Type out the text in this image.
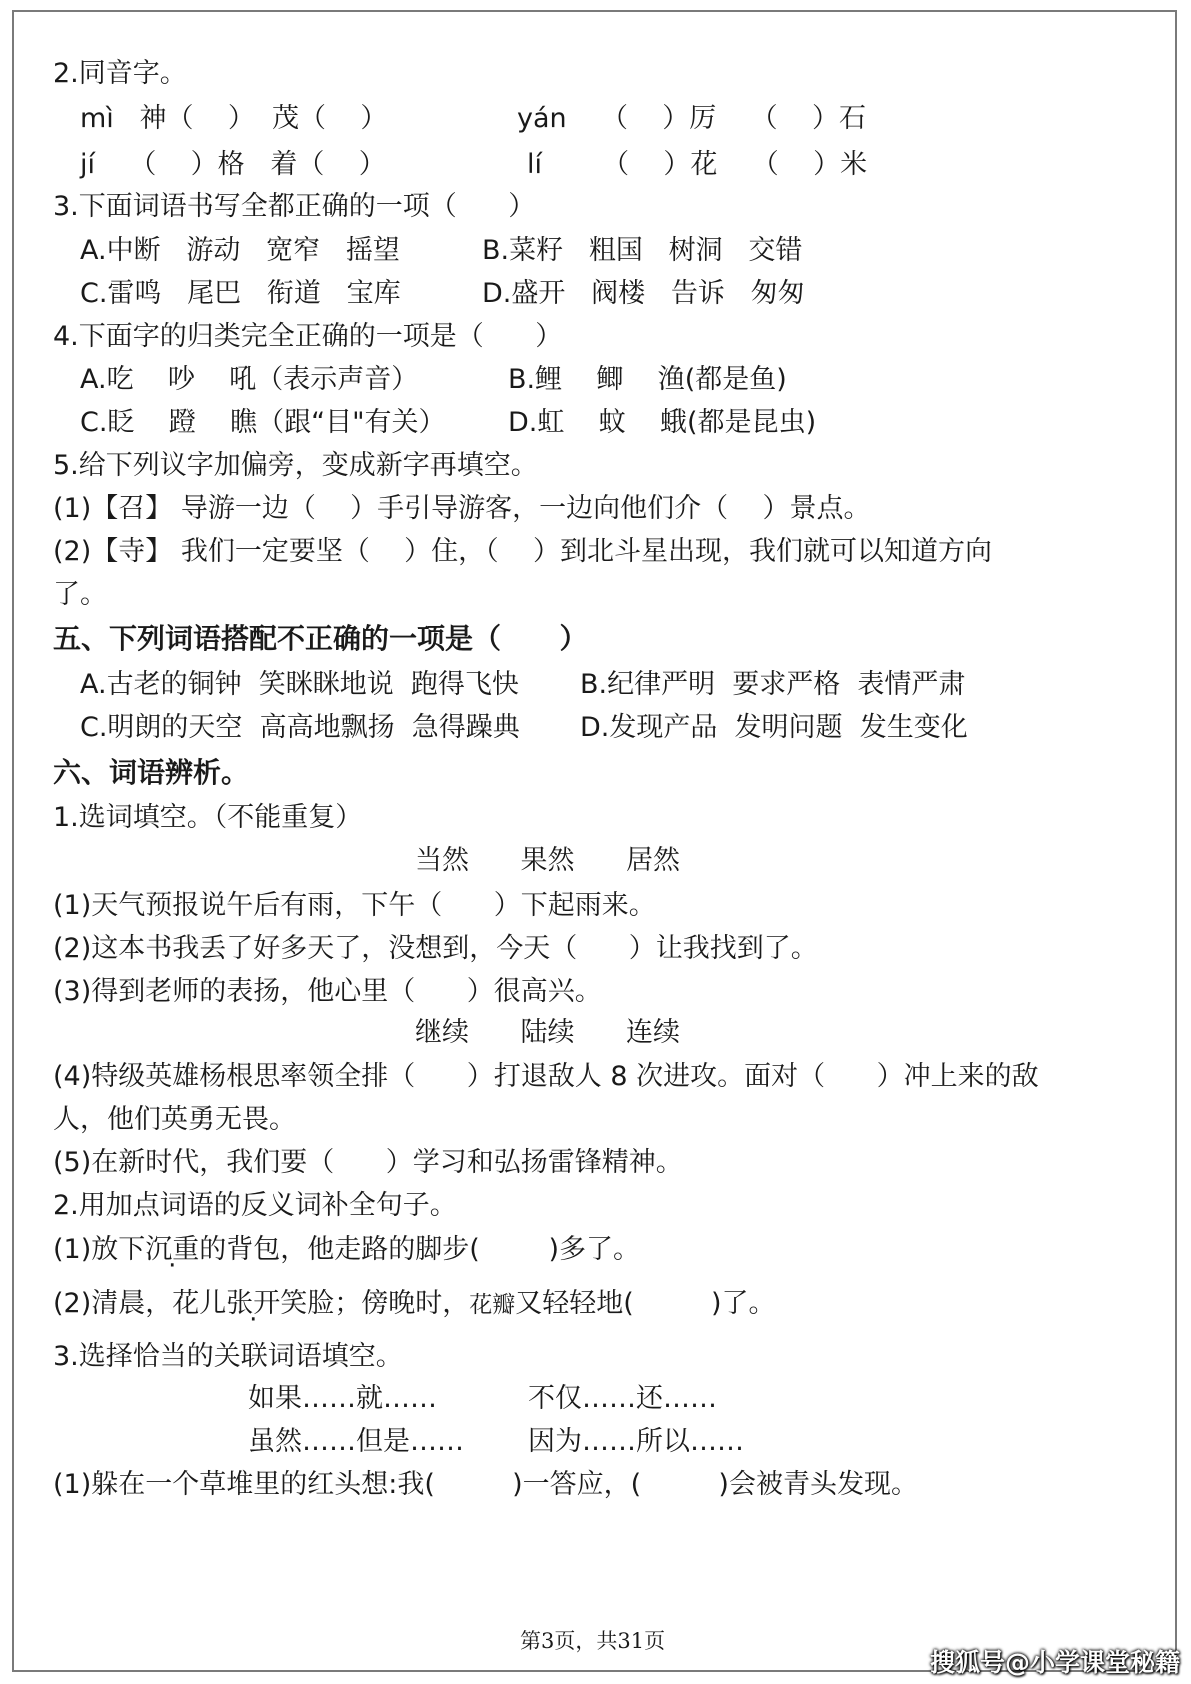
2.同音字。
mì   神（    ）  茂（    ）	yán    （    ）厉    （    ）石
jí    （    ）格   着（    ）	lí       （    ）花    （    ）米
3.下面词语书写全都正确的一项（      ）
A.中断   游动   宽窄   摇望	B.菜籽   粗国   树洞   交错
C.雷鸣   尾巴   衔道   宝库	D.盛开   阀楼   告诉   匆匆
4.下面字的归类完全正确的一项是（      ）
A.吃    吵    吼（表示声音）	B.鲤    鲫    渔(都是鱼)
C.眨    蹬    瞧（跟“目"有关） D.虹    蚊    蛾(都是昆虫)
5.给下列议字加偏旁，变成新字再填空。
(1)【召】 导游一边（    ）手引导游客，一边向他们介（    ）景点。
(2)【寺】 我们一定要坚（    ）住，（    ）到北斗星出现，我们就可以知道方向
了。
五、下列词语搭配不正确的一项是（      ）
A.古老的铜钟  笑眯眯地说  跑得飞快 B.纪律严明  要求严格  表情严肃
C.明朗的天空  高高地飘扬  急得躁典 D.发现产品  发明问题  发生变化
六、词语辨析。
1.选词填空。（不能重复）
当然      果然      居然
(1)天气预报说午后有雨，下午（      ）下起雨来。
(2)这本书我丢了好多天了，没想到，今天（      ）让我找到了。
(3)得到老师的表扬，他心里（      ）很高兴。
继续      陆续      连续
(4)特级英雄杨根思率领全排（      ）打退敌人 8 次进攻。面对（      ）冲上来的敌
人，他们英勇无畏。
(5)在新时代，我们要（      ）学习和弘扬雷锋精神。
2.用加点词语的反义词补全句子。
(1)放下沉重的背包，他走路的脚步(        )多了。
(2)清晨，花儿张开笑脸；傍晚时，花瓣又轻轻地(         )了。
3.选择恰当的关联词语填空。
如果……就……	不仅……还……
虽然……但是…… 因为……所以……
(1)躲在一个草堆里的红头想:我(         )一答应，(         )会被青头发现。
第3页，共31页
搜狐号@小学课堂秘籍
